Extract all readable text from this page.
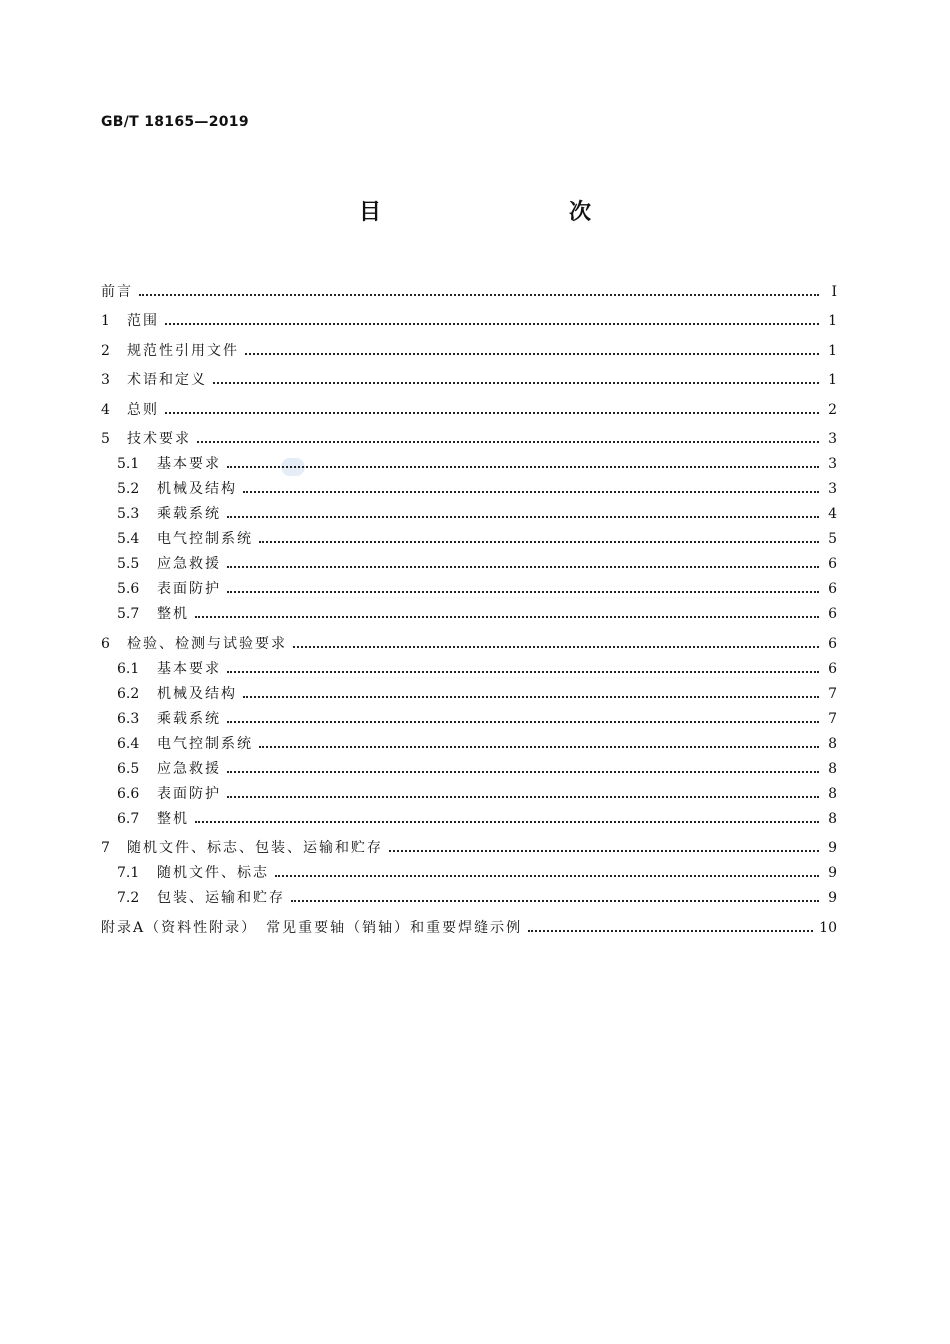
GB/T 18165—2019
目　　次
前言	Ⅰ
1	范围	1
2	规范性引用文件	1
3	术语和定义	1
4	总则	2
5	技术要求	3
5.1	基本要求	3
5.2	机械及结构	3
5.3	乘载系统	4
5.4	电气控制系统	5
5.5	应急救援	6
5.6	表面防护	6
5.7	整机	6
6	检验、检测与试验要求	6
6.1	基本要求	6
6.2	机械及结构	7
6.3	乘载系统	7
6.4	电气控制系统	8
6.5	应急救援	8
6.6	表面防护	8
6.7	整机	8
7	随机文件、标志、包装、运输和贮存	9
7.1	随机文件、标志	9
7.2	包装、运输和贮存	9
附录A（资料性附录）　常见重要轴（销轴）和重要焊缝示例	10
